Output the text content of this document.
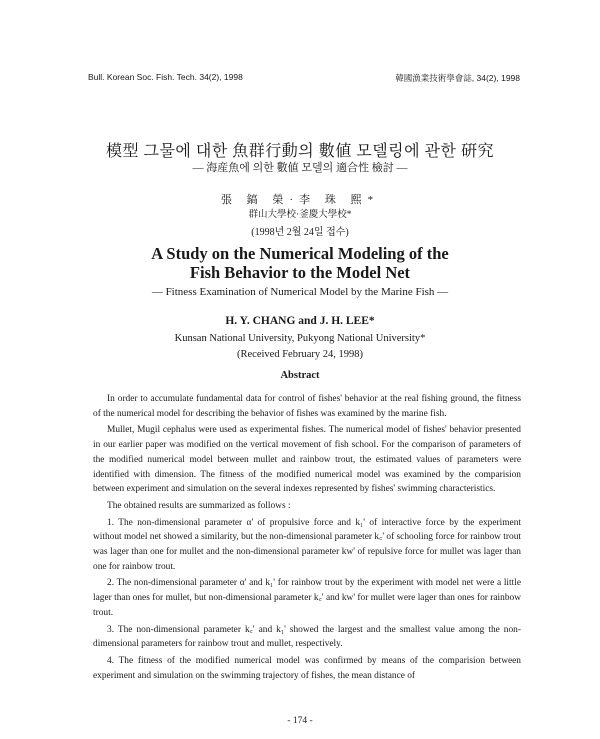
Bull. Korean Soc. Fish. Tech. 34(2), 1998	韓國漁業技術學會誌, 34(2), 1998
模型 그물에 대한 魚群行動의 數値 모델링에 관한 硏究
— 海産魚에 의한 數値 모델의 適合性 檢討 —
張 鎬 榮·李 珠 熙*
群山大學校·釜慶大學校*
(1998년 2월 24일 접수)
A Study on the Numerical Modeling of the
Fish Behavior to the Model Net
— Fitness Examination of Numerical Model by the Marine Fish —
H. Y. CHANG and J. H. LEE*
Kunsan National University, Pukyong National University*
(Received February 24, 1998)
Abstract

In order to accumulate fundamental data for control of fishes' behavior at the real fishing ground, the fitness of the numerical model for describing the behavior of fishes was examined by the marine fish.

Mullet, Mugil cephalus were used as experimental fishes. The numerical model of fishes' behavior presented in our earlier paper was modified on the vertical movement of fish school. For the comparison of parameters of the modified numerical model between mullet and rainbow trout, the estimated values of parameters were identified with dimension. The fitness of the modified numerical model was examined by the comparision between experiment and simulation on the several indexes represented by fishes' swimming characteristics.

The obtained results are summarized as follows :

1. The non-dimensional parameter α' of propulsive force and k₁' of interactive force by the experiment without model net showed a similarity, but the non-dimensional parameter k꜀' of schooling force for rainbow trout was lager than one for mullet and the non-dimensional parameter kw' of repulsive force for mullet was lager than one for rainbow trout.

2. The non-dimensional parameter α' and k₁' for rainbow trout by the experiment with model net were a little lager than ones for mullet, but non-dimensional parameter k꜀' and kw' for mullet were lager than ones for rainbow trout.

3. The non-dimensional parameter k꜀' and k₁' showed the largest and the smallest value among the non-dimensional parameters for rainbow trout and mullet, respectively.

4. The fitness of the modified numerical model was confirmed by means of the comparision between experiment and simulation on the swimming trajectory of fishes, the mean distance of

- 174 -
